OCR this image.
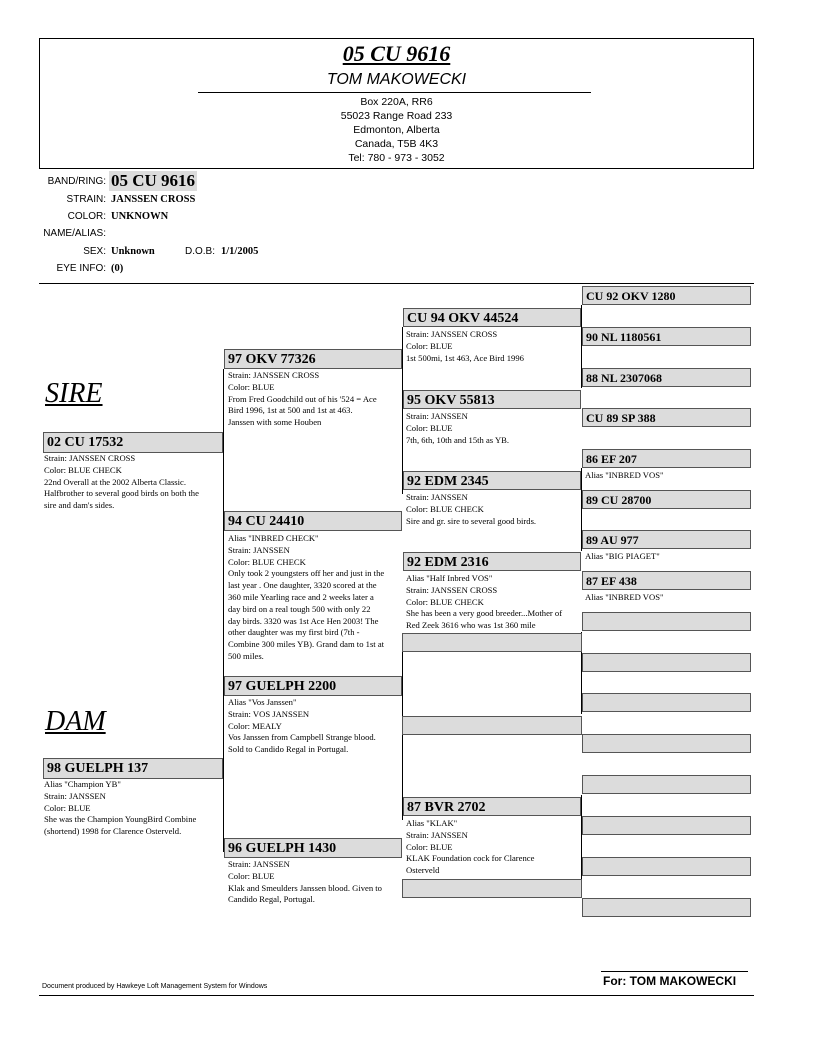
05 CU 9616
TOM MAKOWECKI
Box 220A, RR6
55023 Range Road 233
Edmonton, Alberta
Canada, T5B 4K3
Tel: 780 - 973 - 3052
BAND/RING: 05 CU 9616
STRAIN: JANSSEN CROSS
COLOR: UNKNOWN
NAME/ALIAS:
SEX: Unknown	D.O.B: 1/1/2005
EYE INFO: (0)
SIRE
DAM
02 CU 17532
Strain: JANSSEN CROSS
Color: BLUE CHECK
22nd Overall at the 2002 Alberta Classic.
Halfbrother to several good birds on both the
sire and dam's sides.
98 GUELPH 137
Alias "Champion YB"
Strain: JANSSEN
Color: BLUE
She was the Champion YoungBird Combine
(shortend) 1998 for Clarence Osterveld.
97 OKV 77326
Strain: JANSSEN CROSS
Color: BLUE
From Fred Goodchild out of his '524 = Ace
Bird 1996, 1st at 500 and 1st at 463.
Janssen with some Houben
94 CU 24410
Alias "INBRED CHECK"
Strain: JANSSEN
Color: BLUE CHECK
Only took 2 youngsters off her and just in the
last year . One daughter, 3320 scored at the
360 mile Yearling race and 2 weeks later a
day bird on a real tough 500 with only 22
day birds. 3320 was 1st Ace Hen 2003! The
other daughter was my first bird (7th -
Combine 300 miles YB). Grand dam to 1st at
500 miles.
97 GUELPH 2200
Alias "Vos Janssen"
Strain: VOS JANSSEN
Color: MEALY
Vos Janssen from Campbell Strange blood.
Sold to Candido Regal in Portugal.
96 GUELPH 1430
Strain: JANSSEN
Color: BLUE
Klak and Smeulders Janssen blood. Given to
Candido Regal, Portugal.
CU 94 OKV 44524
Strain: JANSSEN CROSS
Color: BLUE
1st 500mi, 1st 463, Ace Bird 1996
95 OKV 55813
Strain: JANSSEN
Color: BLUE
7th, 6th, 10th and 15th as YB.
92 EDM 2345
Strain: JANSSEN
Color: BLUE CHECK
Sire and gr. sire to several good birds.
92 EDM 2316
Alias "Half Inbred VOS"
Strain: JANSSEN CROSS
Color: BLUE CHECK
She has been a very good breeder...Mother of
Red Zeek 3616 who was 1st 360 mile
87 BVR 2702
Alias "KLAK"
Strain: JANSSEN
Color: BLUE
KLAK Foundation cock for Clarence
Osterveld
CU 92 OKV 1280
90 NL 1180561
88 NL 2307068
CU 89 SP 388
86 EF 207
Alias "INBRED VOS"
89 CU 28700
89 AU 977
Alias "BIG PIAGET"
87 EF 438
Alias "INBRED VOS"
Document produced by Hawkeye Loft Management System for Windows	For: TOM MAKOWECKI
